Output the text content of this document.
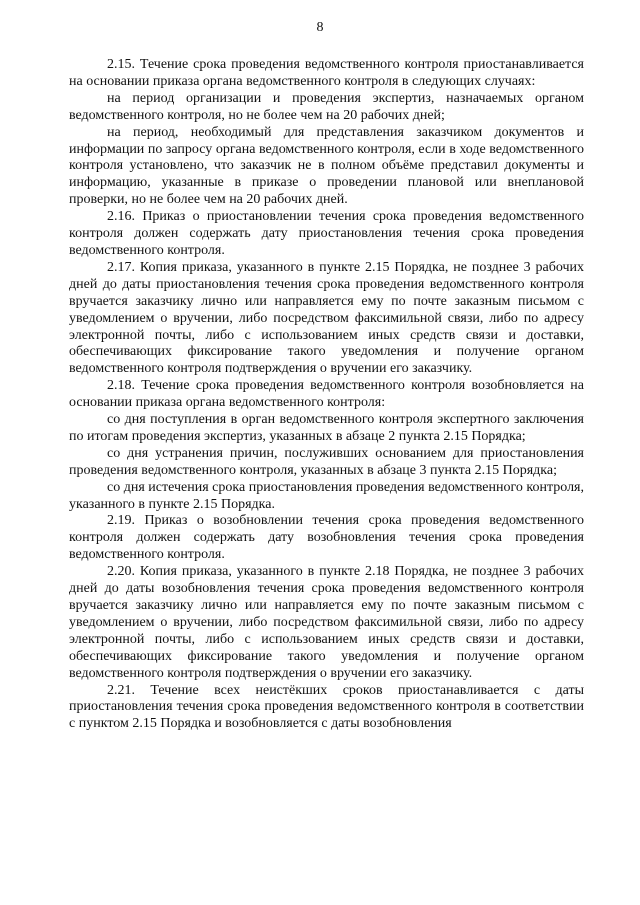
8

2.15. Течение срока проведения ведомственного контроля приостанавливается на основании приказа органа ведомственного контроля в следующих случаях:

на период организации и проведения экспертиз, назначаемых органом ведомственного контроля, но не более чем на 20 рабочих дней;

на период, необходимый для представления заказчиком документов и информации по запросу органа ведомственного контроля, если в ходе ведомственного контроля установлено, что заказчик не в полном объёме представил документы и информацию, указанные в приказе о проведении плановой или внеплановой проверки, но не более чем на 20 рабочих дней.

2.16. Приказ о приостановлении течения срока проведения ведомственного контроля должен содержать дату приостановления течения срока проведения ведомственного контроля.

2.17. Копия приказа, указанного в пункте 2.15 Порядка, не позднее 3 рабочих дней до даты приостановления течения срока проведения ведомственного контроля вручается заказчику лично или направляется ему по почте заказным письмом с уведомлением о вручении, либо посредством факсимильной связи, либо по адресу электронной почты, либо с использованием иных средств связи и доставки, обеспечивающих фиксирование такого уведомления и получение органом ведомственного контроля подтверждения о вручении его заказчику.

2.18. Течение срока проведения ведомственного контроля возобновляется на основании приказа органа ведомственного контроля:

со дня поступления в орган ведомственного контроля экспертного заключения по итогам проведения экспертиз, указанных в абзаце 2 пункта 2.15 Порядка;

со дня устранения причин, послуживших основанием для приостановления проведения ведомственного контроля, указанных в абзаце 3 пункта 2.15 Порядка;

со дня истечения срока приостановления проведения ведомственного контроля, указанного в пункте 2.15 Порядка.

2.19. Приказ о возобновлении течения срока проведения ведомственного контроля должен содержать дату возобновления течения срока проведения ведомственного контроля.

2.20. Копия приказа, указанного в пункте 2.18 Порядка, не позднее 3 рабочих дней до даты возобновления течения срока проведения ведомственного контроля вручается заказчику лично или направляется ему по почте заказным письмом с уведомлением о вручении, либо посредством факсимильной связи, либо по адресу электронной почты, либо с использованием иных средств связи и доставки, обеспечивающих фиксирование такого уведомления и получение органом ведомственного контроля подтверждения о вручении его заказчику.

2.21. Течение всех неистёкших сроков приостанавливается с даты приостановления течения срока проведения ведомственного контроля в соответствии с пунктом 2.15 Порядка и возобновляется с даты возобновления
